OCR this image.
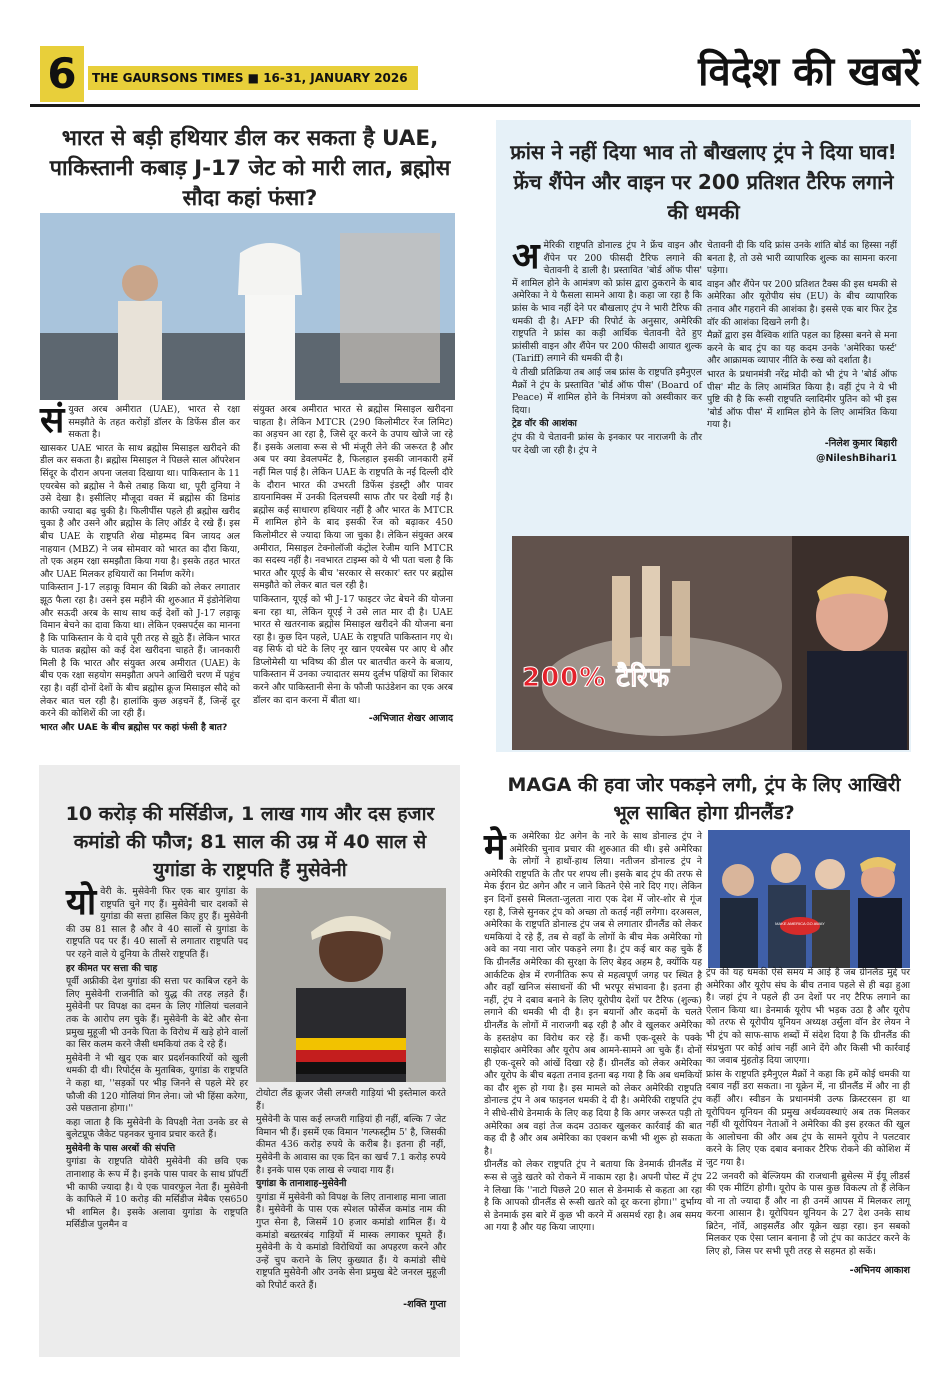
6	THE GAURSONS TIMES ■ 16-31, JANUARY 2026	विदेश की खबरें
भारत से बड़ी हथियार डील कर सकता है UAE, पाकिस्तानी कबाड़ J-17 जेट को मारी लात, ब्रह्मोस सौदा कहां फंसा?

संयुक्त अरब अमीरात (UAE), भारत से रक्षा समझौते के तहत करोड़ों डॉलर के डिफेंस डील कर सकता है।

खासकर UAE भारत के साथ ब्रह्मोस मिसाइल खरीदने की डील कर सकता है। ब्रह्मोस मिसाइल ने पिछले साल ऑपरेशन सिंदूर के दौरान अपना जलवा दिखाया था। पाकिस्तान के 11 एयरबेस को ब्रह्मोस ने कैसे तबाह किया था, पूरी दुनिया ने उसे देखा है। इसीलिए मौजूदा वक्त में ब्रह्मोस की डिमांड काफी ज्यादा बढ़ चुकी है। फिलीपींस पहले ही ब्रह्मोस खरीद चुका है और उसने और ब्रह्मोस के लिए ऑर्डर दे रखे हैं। इस बीच UAE के राष्ट्रपति शेख मोहम्मद बिन जायद अल नाहयान (MBZ) ने जब सोमवार को भारत का दौरा किया, तो एक अहम रक्षा समझौता किया गया है। इसके तहत भारत और UAE मिलकर हथियारों का निर्माण करेंगे।

पाकिस्तान J-17 लड़ाकू विमान की बिक्री को लेकर लगातार झूठ फैला रहा है। उसने इस महीने की शुरुआत में इंडोनेशिया और सऊदी अरब के साथ साथ कई देशों को J-17 लड़ाकू विमान बेचने का दावा किया था। लेकिन एक्सपर्ट्स का मानना है कि पाकिस्तान के ये दावे पूरी तरह से झूठे हैं। लेकिन भारत के घातक ब्रह्मोस को कई देश खरीदना चाहते हैं। जानकारी मिली है कि भारत और संयुक्त अरब अमीरात (UAE) के बीच एक रक्षा सहयोग समझौता अपने आखिरी चरण में पहुंच रहा है। वहीं दोनों देशों के बीच ब्रह्मोस क्रूज मिसाइल सौदे को लेकर बात चल रही है। हालांकि कुछ अड़चनें हैं, जिन्हें दूर करने की कोशिशें की जा रही हैं।

भारत और UAE के बीच ब्रह्मोस पर कहां फंसी है बात?

संयुक्त अरब अमीरात भारत से ब्रह्मोस मिसाइल खरीदना चाहता है। लेकिन MTCR (290 किलोमीटर रेंज लिमिट) का अड़चन आ रहा है, जिसे दूर करने के उपाय खोजे जा रहे हैं। इसके अलावा रूस से भी मंजूरी लेने की जरूरत है और अब पर क्या डेवलपमेंट है, फिलहाल इसकी जानकारी हमें नहीं मिल पाई है। लेकिन UAE के राष्ट्रपति के नई दिल्ली दौरे के दौरान भारत की उभरती डिफेंस इंडस्ट्री और पावर डायनामिक्स में उनकी दिलचस्पी साफ तौर पर देखी गई है। ब्रह्मोस कई साधारण हथियार नहीं है और भारत के MTCR में शामिल होने के बाद इसकी रेंज को बढ़ाकर 450 किलोमीटर से ज्यादा किया जा चुका है। लेकिन संयुक्त अरब अमीरात, मिसाइल टेक्नोलॉजी कंट्रोल रेजीम यानि MTCR का सदस्य नहीं है। नवभारत टाइम्स को ये भी पता चला है कि भारत और यूएई के बीच 'सरकार से सरकार' स्तर पर ब्रह्मोस समझौते को लेकर बात चल रही है।

पाकिस्तान, यूएई को भी J-17 फाइटर जेट बेचने की योजना बना रहा था, लेकिन यूएई ने उसे लात मार दी है। UAE भारत से खतरनाक ब्रह्मोस मिसाइल खरीदने की योजना बना रहा है। कुछ दिन पहले, UAE के राष्ट्रपति पाकिस्तान गए थे। वह सिर्फ दो घंटे के लिए नूर खान एयरबेस पर आए थे और डिप्लोमेसी या भविष्य की डील पर बातचीत करने के बजाय, पाकिस्तान में उनका ज्यादातर समय दुर्लभ पक्षियों का शिकार करने और पाकिस्तानी सेना के फौजी फाउंडेशन का एक अरब डॉलर का दान करना में बीता था।

-अभिजात शेखर आजाद
फ्रांस ने नहीं दिया भाव तो बौखलाए ट्रंप ने दिया घाव! फ्रेंच शैंपेन और वाइन पर 200 प्रतिशत टैरिफ लगाने की धमकी

अमेरिकी राष्ट्रपति डोनाल्ड ट्रंप ने फ्रेंच वाइन और शैंपेन पर 200 फीसदी टैरिफ लगाने की चेतावनी दे डाली है। प्रस्तावित 'बोर्ड ऑफ पीस' में शामिल होने के आमंत्रण को फ्रांस द्वारा ठुकराने के बाद अमेरिका ने ये फैसला सामने आया है। कहा जा रहा है कि फ्रांस के भाव नहीं देने पर बौखलाए ट्रंप ने भारी टैरिफ की धमकी दी है। AFP की रिपोर्ट के अनुसार, अमेरिकी राष्ट्रपति ने फ्रांस का कड़ी आर्थिक चेतावनी देते हुए फ्रांसीसी वाइन और शैंपेन पर 200 फीसदी आयात शुल्क (Tariff) लगाने की धमकी दी है।

ये तीखी प्रतिक्रिया तब आई जब फ्रांस के राष्ट्रपति इमैनुएल मैक्रों ने ट्रंप के प्रस्तावित 'बोर्ड ऑफ पीस' (Board of Peace) में शामिल होने के निमंत्रण को अस्वीकार कर दिया।

ट्रेड वॉर की आशंका

ट्रंप की ये चेतावनी फ्रांस के इनकार पर नाराजगी के तौर पर देखी जा रही है। ट्रंप ने

चेतावनी दी कि यदि फ्रांस उनके शांति बोर्ड का हिस्सा नहीं बनता है, तो उसे भारी व्यापारिक शुल्क का सामना करना पड़ेगा।

वाइन और शैंपेन पर 200 प्रतिशत टैक्स की इस धमकी से अमेरिका और यूरोपीय संघ (EU) के बीच व्यापारिक तनाव और गहराने की आशंका है। इससे एक बार फिर ट्रेड वॉर की आशंका दिखने लगी है।

मैक्रों द्वारा इस वैश्विक शांति पहल का हिस्सा बनने से मना करने के बाद ट्रंप का यह कदम उनके 'अमेरिका फर्स्ट' और आक्रामक व्यापार नीति के रुख को दर्शाता है।

भारत के प्रधानमंत्री नरेंद्र मोदी को भी ट्रंप ने 'बोर्ड ऑफ पीस' मीट के लिए आमंत्रित किया है। वहीं ट्रंप ने ये भी पुष्टि की है कि रूसी राष्ट्रपति व्लादिमीर पुतिन को भी इस 'बोर्ड ऑफ पीस' में शामिल होने के लिए आमंत्रित किया गया है।

-निलेश कुमार बिहारी
@NileshBihari1
200% टैरिफ
10 करोड़ की मर्सिडीज, 1 लाख गाय और दस हजार कमांडो की फौज; 81 साल की उम्र में 40 साल से युगांडा के राष्ट्रपति हैं मुसेवेनी

योवेरी के. मुसेवेनी फिर एक बार युगांडा के राष्ट्रपति चुने गए हैं। मुसेवेनी चार दशकों से युगांडा की सत्ता हासिल किए हुए हैं। मुसेवेनी की उम्र 81 साल है और वे 40 सालों से युगांडा के राष्ट्रपति पद पर हैं। 40 सालों से लगातार राष्ट्रपति पद पर रहने वाले ये दुनिया के तीसरे राष्ट्रपति हैं।

हर कीमत पर सत्ता की चाह

पूर्वी अफ्रीकी देश युगांडा की सत्ता पर काबिज रहने के लिए मुसेवेनी राजनीति को युद्ध की तरह लड़ते हैं। मुसेवेनी पर विपक्ष का दमन के लिए गोलियां चलवाने तक के आरोप लग चुके हैं। मुसेवेनी के बेटे और सेना प्रमुख मुहूजी भी उनके पिता के विरोध में खड़े होने वालों का सिर कलम करने जैसी धमकियां तक दे रहे हैं।

मुसेवेनी ने भी खुद एक बार प्रदर्शनकारियों को खुली धमकी दी थी। रिपोर्ट्स के मुताबिक, युगांडा के राष्ट्रपति ने कहा था, ''सड़कों पर भीड़ जिनने से पहले मेरे हर फौजी की 120 गोलियां गिन लेना। जो भी हिंसा करेगा, उसे पछताना होगा।''

कहा जाता है कि मुसेवेनी के विपक्षी नेता उनके डर से बुलेटप्रूफ जैकेट पहनकर चुनाव प्रचार करते हैं।

मुसेवेनी के पास अरबों की संपत्ति

युगांडा के राष्ट्रपति योवेरी मुसेवेनी की छवि एक तानाशाह के रूप में है। इनके पास पावर के साथ प्रॉपर्टी भी काफी ज्यादा है। ये एक पावरफुल नेता हैं। मुसेवेनी के काफिले में 10 करोड़ की मर्सिडीज मेबैक एस650 भी शामिल है। इसके अलावा युगांडा के राष्ट्रपति मर्सिडीज पुलमैन व

टोयोटा लैंड क्रूजर जैसी लग्जरी गाड़ियां भी इस्तेमाल करते हैं।

मुसेवेनी के पास कई लग्जरी गाड़ियां ही नहीं, बल्कि 7 जेट विमान भी हैं। इसमें एक विमान 'गल्फस्ट्रीम 5' है, जिसकी कीमत 436 करोड़ रुपये के करीब है। इतना ही नहीं, मुसेवेनी के आवास का एक दिन का खर्च 7.1 करोड़ रुपये है। इनके पास एक लाख से ज्यादा गाय हैं।

युगांडा के तानाशाह-मुसेवेनी

युगांडा में मुसेवेनी को विपक्ष के लिए तानाशाह माना जाता है। मुसेवेनी के पास एक स्पेशल फोर्सेज कमांड नाम की गुप्त सेना है, जिसमें 10 हजार कमांडो शामिल हैं। ये कमांडो बख्तरबंद गाड़ियों में मास्क लगाकर घूमते हैं। मुसेवेनी के ये कमांडो विरोधियों का अपहरण करने और उन्हें चुप कराने के लिए कुख्यात हैं। ये कमांडो सीधे राष्ट्रपति मुसेवेनी और उनके सेना प्रमुख बेटे जनरल मुहूजी को रिपोर्ट करते हैं।

-शक्ति गुप्ता
MAGA की हवा जोर पकड़ने लगी, ट्रंप के लिए आखिरी भूल साबित होगा ग्रीनलैंड?

मेक अमेरिका ग्रेट अगेन के नारे के साथ डोनाल्ड ट्रंप ने अमेरिकी चुनाव प्रचार की शुरुआत की थी। इसे अमेरिका के लोगों ने हाथों-हाथ लिया। नतीजन डोनाल्ड ट्रंप ने अमेरिकी राष्ट्रपति के तौर पर शपथ ली। इसके बाद ट्रंप की तरफ से मेक ईरान ग्रेट अगेन और न जाने कितने ऐसे नारे दिए गए। लेकिन इन दिनों इससे मिलता-जुलता नारा एक देश में जोर-शोर से गूंज रहा है, जिसे सुनकर ट्रंप को अच्छा तो कतई नहीं लगेगा। दरअसल, अमेरिका के राष्ट्रपति डोनाल्ड ट्रंप जब से लगातार ग्रीनलैंड को लेकर धमकियां दे रहे हैं, तब से वहाँ के लोगों के बीच मेक अमेरिका गो अवे का नया नारा जोर पकड़ने लगा है। ट्रंप कई बार कह चुके हैं कि ग्रीनलैंड अमेरिका की सुरक्षा के लिए बेहद अहम है, क्योंकि यह आर्कटिक क्षेत्र में रणनीतिक रूप से महत्वपूर्ण जगह पर स्थित है और वहाँ खनिज संसाधनों की भी भरपूर संभावना है। इतना ही नहीं, ट्रंप ने दबाव बनाने के लिए यूरोपीय देशों पर टैरिफ (शुल्क) लगाने की धमकी भी दी है। इन बयानों और कदमों के चलते ग्रीनलैंड के लोगों में नाराजगी बढ़ रही है और वे खुलकर अमेरिका के हस्तक्षेप का विरोध कर रहे हैं। कभी एक-दूसरे के पक्के साझेदार अमेरिका और यूरोप अब आमने-सामने आ चुके हैं। दोनों ही एक-दूसरे को आंखें दिखा रहे हैं। ग्रीनलैंड को लेकर अमेरिका और यूरोप के बीच बढ़ता तनाव इतना बढ़ गया है कि अब धमकियों का दौर शुरू हो गया है। इस मामले को लेकर अमेरिकी राष्ट्रपति डोनाल्ड ट्रंप ने अब फाइनल धमकी दे दी है। अमेरिकी राष्ट्रपति ट्रंप ने सीधे-सीधे डेनमार्क के लिए कह दिया है कि अगर जरूरत पड़ी तो अमेरिका अब वहां तेज कदम उठाकर खुलकर कार्रवाई की बात कह दी है और अब अमेरिका का एक्शन कभी भी शुरू हो सकता है।

ग्रीनलैंड को लेकर राष्ट्रपति ट्रंप ने बताया कि डेनमार्क ग्रीनलैंड में रूस से जुड़े खतरे को रोकने में नाकाम रहा है। अपनी पोस्ट में ट्रंप ने लिखा कि ''नाटो पिछले 20 साल से डेनमार्क से कहता आ रहा है कि आपको ग्रीनलैंड से रूसी खतरे को दूर करना होगा।'' दुर्भाग्य से डेनमार्क इस बारे में कुछ भी करने में असमर्थ रहा है। अब समय आ गया है और यह किया जाएगा।

MAKE AMERICA GO AWAY

ट्रंप की यह धमकी ऐसे समय में आई है जब ग्रीनलैंड मुद्दे पर अमेरिका और यूरोप संघ के बीच तनाव पहले से ही बढ़ा हुआ है। जहां ट्रंप ने पहले ही उन देशों पर नए टैरिफ लगाने का ऐलान किया था। डेनमार्क यूरोप भी भड़क उठा है और यूरोप को तरफ से यूरोपीय यूनियन अध्यक्ष उर्सुला वॉन डेर लेयन ने भी ट्रंप को साफ-साफ शब्दों में संदेश दिया है कि ग्रीनलैंड की संप्रभुता पर कोई आंच नहीं आने देंगे और किसी भी कार्रवाई का जवाब मुंहतोड़ दिया जाएगा।

फ्रांस के राष्ट्रपति इमैनुएल मैक्रों ने कहा कि हमें कोई धमकी या दबाव नहीं डरा सकता। ना यूक्रेन में, ना ग्रीनलैंड में और ना ही कहीं और। स्वीडन के प्रधानमंत्री उल्फ क्रिस्टरसन हा था यूरोपियन यूनियन की प्रमुख अर्थव्यवस्थाएं अब तक मिलकर नहीं थी यूरोपियन नेताओं ने अमेरिका की इस हरकत की खुल के आलोचना की और अब ट्रंप के सामने यूरोप ने पलटवार करने के लिए एक दबाव बनाकर टैरिफ रोकने की कोशिश में जुट गया है।

22 जनवरी को बेल्जियम की राजधानी ब्रुसेल्स में ईयू लीडर्स की एक मीटिंग होगी। यूरोप के पास कुछ विकल्प तो हैं लेकिन वो ना तो ज्यादा हैं और ना ही उनमें आपस में मिलकर लागू करना आसान है। यूरोपियन यूनियन के 27 देश उनके साथ ब्रिटेन, नॉर्वे, आइसलैंड और यूक्रेन खड़ा रहा। इन सबको मिलकर एक ऐसा प्लान बनाना है जो ट्रंप का काउंटर करने के लिए हो, जिस पर सभी पूरी तरह से सहमत हो सकें।

-अभिनय आकाश
